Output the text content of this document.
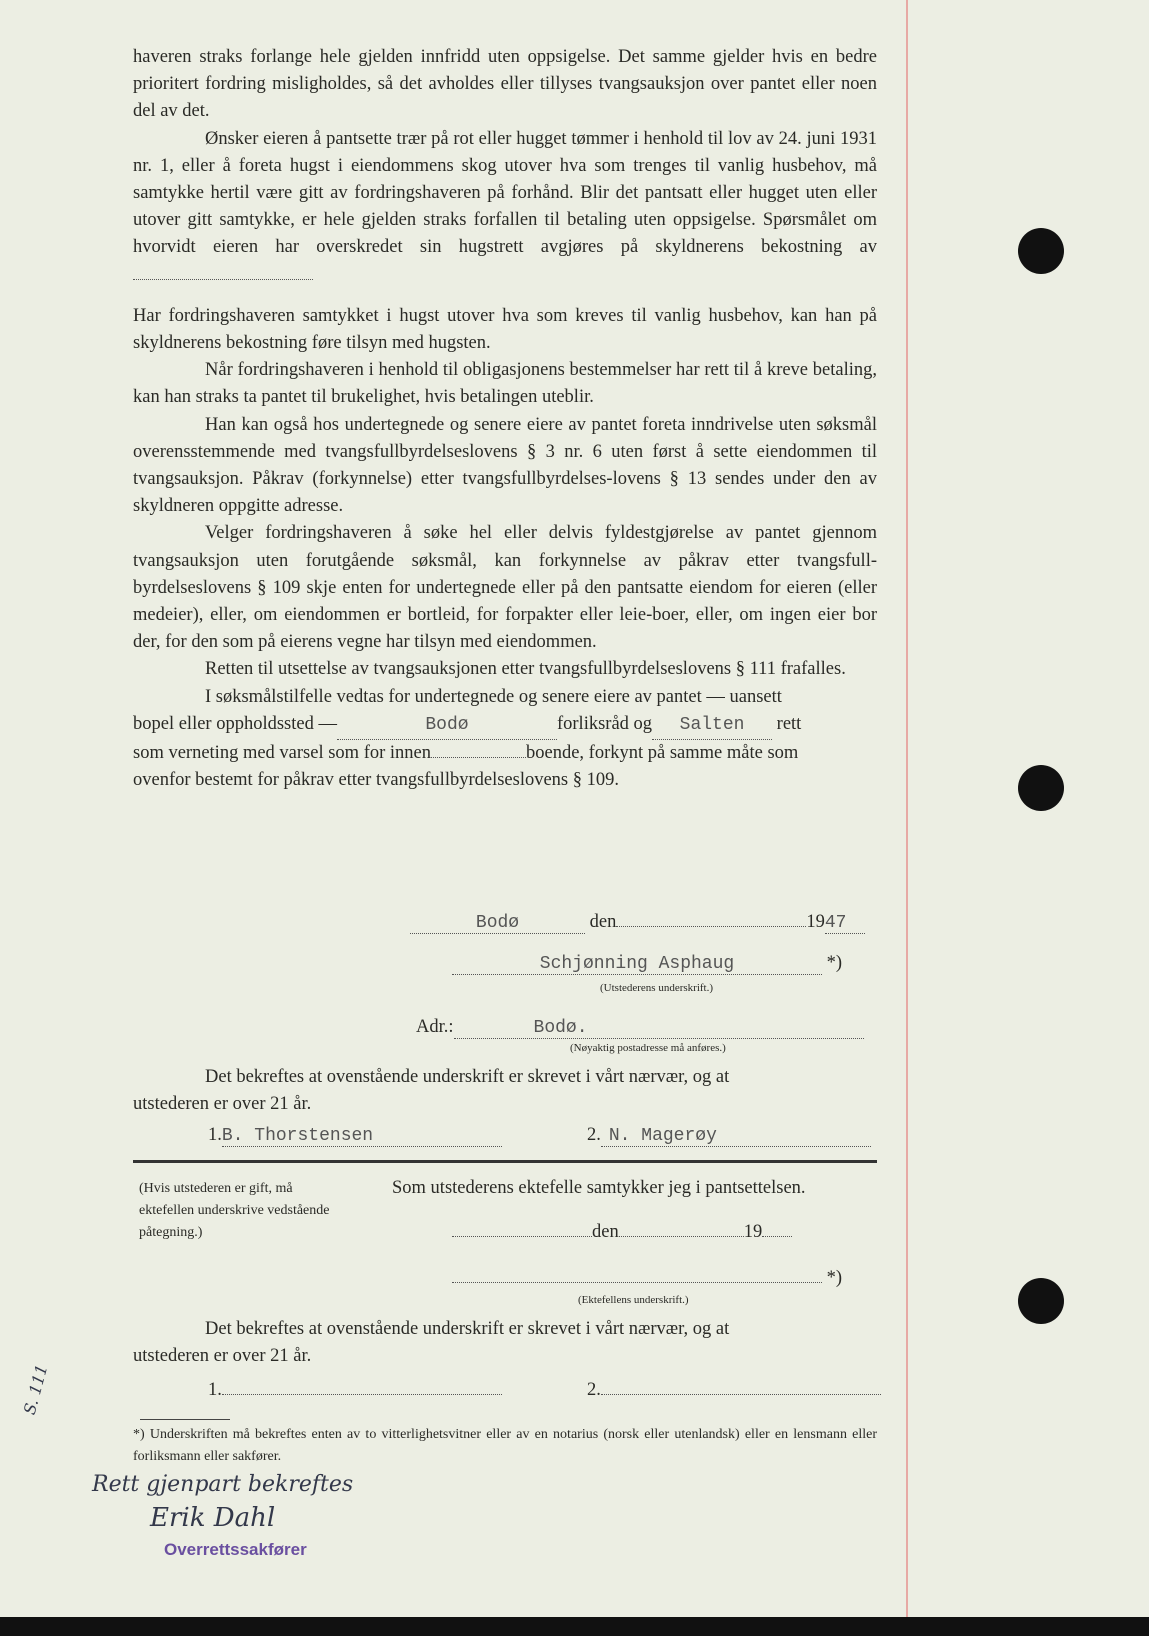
haveren straks forlange hele gjelden innfridd uten oppsigelse. Det samme gjelder hvis en bedre prioritert fordring misligholdes, så det avholdes eller tillyses tvangsauksjon over pantet eller noen del av det.

Ønsker eieren å pantsette trær på rot eller hugget tømmer i henhold til lov av 24. juni 1931 nr. 1, eller å foreta hugst i eiendommens skog utover hva som trenges til vanlig husbehov, må samtykke hertil være gitt av fordringshaveren på forhånd. Blir det pantsatt eller hugget uten eller utover gitt samtykke, er hele gjelden straks forfallen til betaling uten oppsigelse. Spørsmålet om hvorvidt eieren har overskredet sin hugstrett avgjøres på skyldnerens bekostning av

Har fordringshaveren samtykket i hugst utover hva som kreves til vanlig husbehov, kan han på skyldnerens bekostning føre tilsyn med hugsten.

Når fordringshaveren i henhold til obligasjonens bestemmelser har rett til å kreve betaling, kan han straks ta pantet til brukelighet, hvis betalingen uteblir.

Han kan også hos undertegnede og senere eiere av pantet foreta inndrivelse uten søksmål overensstemmende med tvangsfullbyrdelseslovens § 3 nr. 6 uten først å sette eiendommen til tvangsauksjon. Påkrav (forkynnelse) etter tvangsfullbyrdelses-lovens § 13 sendes under den av skyldneren oppgitte adresse.

Velger fordringshaveren å søke hel eller delvis fyldestgjørelse av pantet gjennom tvangsauksjon uten forutgående søksmål, kan forkynnelse av påkrav etter tvangsfull-byrdelseslovens § 109 skje enten for undertegnede eller på den pantsatte eiendom for eieren (eller medeier), eller, om eiendommen er bortleid, for forpakter eller leie-boer, eller, om ingen eier bor der, for den som på eierens vegne har tilsyn med eiendommen.

Retten til utsettelse av tvangsauksjonen etter tvangsfullbyrdelseslovens § 111 frafalles.

I søksmålstilfelle vedtas for undertegnede og senere eiere av pantet — uansett

bopel eller oppholdssted —	Bodø	forliksråd og Salten rett

som verneting med varsel som for innen	boende, forkynt på samme måte som

ovenfor bestemt for påkrav etter tvangsfullbyrdelseslovens § 109.

Bodø	den	1947
Schjønning Asphaug	*)
(Utstederens underskrift.)
Adr.:	Bodø.
(Nøyaktig postadresse må anføres.)

Det bekreftes at ovenstående underskrift er skrevet i vårt nærvær, og at

utstederen er over 21 år.

1.B. Thorstensen	2. N. Magerøy
(Hvis utstederen er gift, må ektefellen underskrive vedstående påtegning.)
Som utstederens ektefelle samtykker jeg i pantsettelsen.
den	19
*)
(Ektefellens underskrift.)

Det bekreftes at ovenstående underskrift er skrevet i vårt nærvær, og at

utstederen er over 21 år.

1.	2.
*) Underskriften må bekreftes enten av to vitterlighetsvitner eller av en notarius (norsk eller utenlandsk) eller en lensmann eller forliksmann eller sakfører.
S. 111
Rett gjenpart bekreftes
Erik Dahl
Overrettssakfører
